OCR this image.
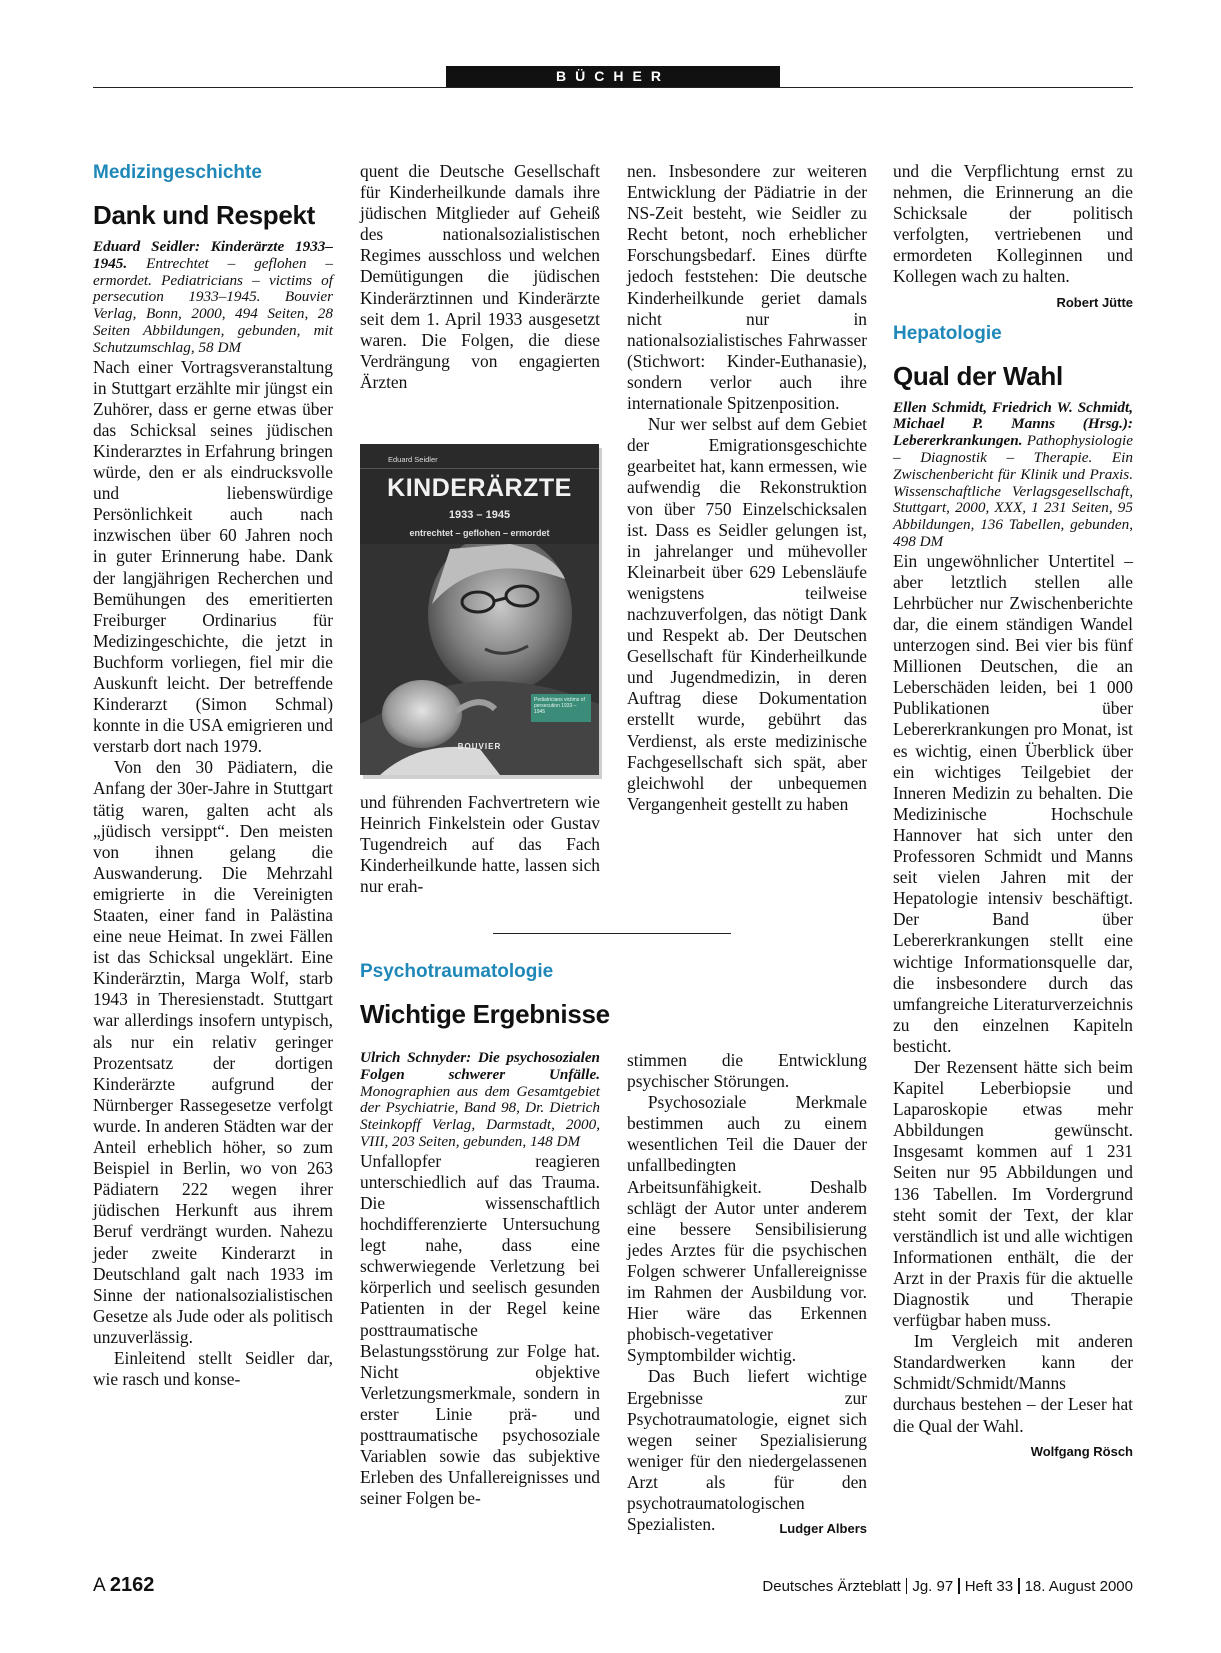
BÜCHER
Medizingeschichte
Dank und Respekt

Eduard Seidler: Kinderärzte 1933–1945. Entrechtet – geflohen – ermordet. Pediatricians – victims of persecution 1933–1945. Bouvier Verlag, Bonn, 2000, 494 Seiten, 28 Seiten Abbildungen, gebunden, mit Schutzumschlag, 58 DM

Nach einer Vortragsveranstaltung in Stuttgart erzählte mir jüngst ein Zuhörer, dass er gerne etwas über das Schicksal seines jüdischen Kinderarztes in Erfahrung bringen würde, den er als eindrucksvolle und liebenswürdige Persönlichkeit auch nach inzwischen über 60 Jahren noch in guter Erinnerung habe. Dank der langjährigen Recherchen und Bemühungen des emeritierten Freiburger Ordinarius für Medizingeschichte, die jetzt in Buchform vorliegen, fiel mir die Auskunft leicht. Der betreffende Kinderarzt (Simon Schmal) konnte in die USA emigrieren und verstarb dort nach 1979.

Von den 30 Pädiatern, die Anfang der 30er-Jahre in Stuttgart tätig waren, galten acht als „jüdisch versippt“. Den meisten von ihnen gelang die Auswanderung. Die Mehrzahl emigrierte in die Vereinigten Staaten, einer fand in Palästina eine neue Heimat. In zwei Fällen ist das Schicksal ungeklärt. Eine Kinderärztin, Marga Wolf, starb 1943 in Theresienstadt. Stuttgart war allerdings insofern untypisch, als nur ein relativ geringer Prozentsatz der dortigen Kinderärzte aufgrund der Nürnberger Rassegesetze verfolgt wurde. In anderen Städten war der Anteil erheblich höher, so zum Beispiel in Berlin, wo von 263 Pädiatern 222 wegen ihrer jüdischen Herkunft aus ihrem Beruf verdrängt wurden. Nahezu jeder zweite Kinderarzt in Deutschland galt nach 1933 im Sinne der nationalsozialistischen Gesetze als Jude oder als politisch unzuverlässig.

Einleitend stellt Seidler dar, wie rasch und konse-

quent die Deutsche Gesellschaft für Kinderheilkunde damals ihre jüdischen Mitglieder auf Geheiß des nationalsozialistischen Regimes ausschloss und welchen Demütigungen die jüdischen Kinderärztinnen und Kinderärzte seit dem 1. April 1933 ausgesetzt waren. Die Folgen, die diese Verdrängung von engagierten Ärzten

Eduard Seidler
KINDERÄRZTE
1933 – 1945
entrechtet – geflohen – ermordet
Pediatricians victims of persecution 1933 – 1945
BOUVIER

und führenden Fachvertretern wie Heinrich Finkelstein oder Gustav Tugendreich auf das Fach Kinderheilkunde hatte, lassen sich nur erah-

nen. Insbesondere zur weiteren Entwicklung der Pädiatrie in der NS-Zeit besteht, wie Seidler zu Recht betont, noch erheblicher Forschungsbedarf. Eines dürfte jedoch feststehen: Die deutsche Kinderheilkunde geriet damals nicht nur in nationalsozialistisches Fahrwasser (Stichwort: Kinder-Euthanasie), sondern verlor auch ihre internationale Spitzenposition.

Nur wer selbst auf dem Gebiet der Emigrationsgeschichte gearbeitet hat, kann ermessen, wie aufwendig die Rekonstruktion von über 750 Einzelschicksalen ist. Dass es Seidler gelungen ist, in jahrelanger und mühevoller Kleinarbeit über 629 Lebensläufe wenigstens teilweise nachzuverfolgen, das nötigt Dank und Respekt ab. Der Deutschen Gesellschaft für Kinderheilkunde und Jugendmedizin, in deren Auftrag diese Dokumentation erstellt wurde, gebührt das Verdienst, als erste medizinische Fachgesellschaft sich spät, aber gleichwohl der unbequemen Vergangenheit gestellt zu haben

und die Verpflichtung ernst zu nehmen, die Erinnerung an die Schicksale der politisch verfolgten, vertriebenen und ermordeten Kolleginnen und Kollegen wach zu halten.
Robert Jütte

Hepatologie
Qual der Wahl

Ellen Schmidt, Friedrich W. Schmidt, Michael P. Manns (Hrsg.): Lebererkrankungen. Pathophysiologie – Diagnostik – Therapie. Ein Zwischenbericht für Klinik und Praxis. Wissenschaftliche Verlagsgesellschaft, Stuttgart, 2000, XXX, 1 231 Seiten, 95 Abbildungen, 136 Tabellen, gebunden, 498 DM

Ein ungewöhnlicher Untertitel – aber letztlich stellen alle Lehrbücher nur Zwischenberichte dar, die einem ständigen Wandel unterzogen sind. Bei vier bis fünf Millionen Deutschen, die an Leberschäden leiden, bei 1 000 Publikationen über Lebererkrankungen pro Monat, ist es wichtig, einen Überblick über ein wichtiges Teilgebiet der Inneren Medizin zu behalten. Die Medizinische Hochschule Hannover hat sich unter den Professoren Schmidt und Manns seit vielen Jahren mit der Hepatologie intensiv beschäftigt. Der Band über Lebererkrankungen stellt eine wichtige Informationsquelle dar, die insbesondere durch das umfangreiche Literaturverzeichnis zu den einzelnen Kapiteln besticht.

Der Rezensent hätte sich beim Kapitel Leberbiopsie und Laparoskopie etwas mehr Abbildungen gewünscht. Insgesamt kommen auf 1 231 Seiten nur 95 Abbildungen und 136 Tabellen. Im Vordergrund steht somit der Text, der klar verständlich ist und alle wichtigen Informationen enthält, die der Arzt in der Praxis für die aktuelle Diagnostik und Therapie verfügbar haben muss.

Im Vergleich mit anderen Standardwerken kann der Schmidt/Schmidt/Manns durchaus bestehen – der Leser hat die Qual der Wahl.
Wolfgang Rösch

Psychotraumatologie
Wichtige Ergebnisse

Ulrich Schnyder: Die psychosozialen Folgen schwerer Unfälle. Monographien aus dem Gesamtgebiet der Psychiatrie, Band 98, Dr. Dietrich Steinkopff Verlag, Darmstadt, 2000, VIII, 203 Seiten, gebunden, 148 DM

Unfallopfer reagieren unterschiedlich auf das Trauma. Die wissenschaftlich hochdifferenzierte Untersuchung legt nahe, dass eine schwerwiegende Verletzung bei körperlich und seelisch gesunden Patienten in der Regel keine posttraumatische Belastungsstörung zur Folge hat. Nicht objektive Verletzungsmerkmale, sondern in erster Linie prä- und posttraumatische psychosoziale Variablen sowie das subjektive Erleben des Unfallereignisses und seiner Folgen be-

stimmen die Entwicklung psychischer Störungen.

Psychosoziale Merkmale bestimmen auch zu einem wesentlichen Teil die Dauer der unfallbedingten Arbeitsunfähigkeit. Deshalb schlägt der Autor unter anderem eine bessere Sensibilisierung jedes Arztes für die psychischen Folgen schwerer Unfallereignisse im Rahmen der Ausbildung vor. Hier wäre das Erkennen phobisch-vegetativer Symptombilder wichtig.

Das Buch liefert wichtige Ergebnisse zur Psychotraumatologie, eignet sich wegen seiner Spezialisierung weniger für den niedergelassenen Arzt als für den psychotraumatologischen Spezialisten.	Ludger Albers

A 2162	Deutsches Ärzteblatt Jg. 97 Heft 33 18. August 2000
